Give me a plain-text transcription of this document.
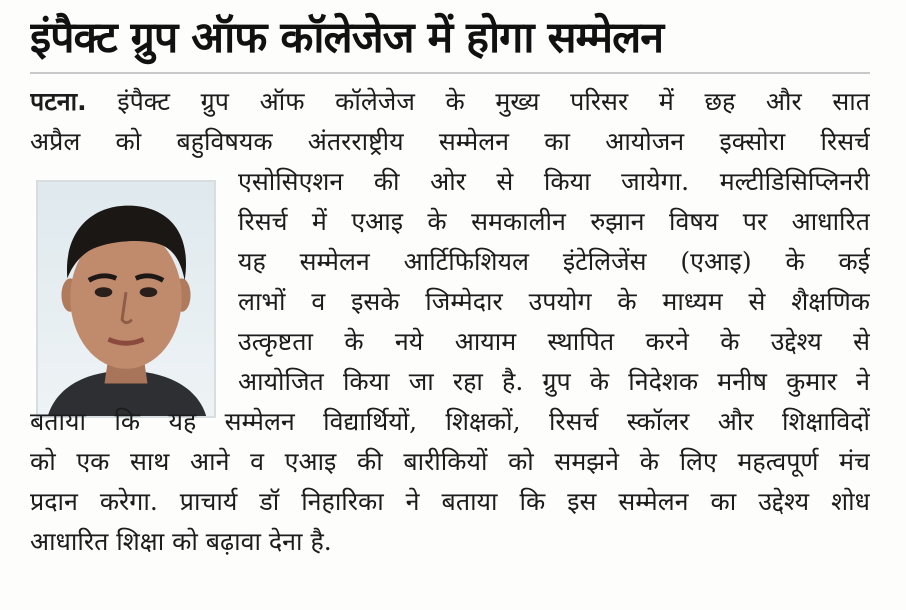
इंपैक्ट ग्रुप ऑफ कॉलेजेज में होगा सम्मेलन
पटना. इंपैक्ट ग्रुप ऑफ कॉलेजेज के मुख्य परिसर में छह और सात
अप्रैल को बहुविषयक अंतरराष्ट्रीय सम्मेलन का आयोजन इक्सोरा रिसर्च
एसोसिएशन की ओर से किया जायेगा. मल्टीडिसिप्लिनरी
रिसर्च में एआइ के समकालीन रुझान विषय पर आधारित
यह सम्मेलन आर्टिफिशियल इंटेलिजेंस (एआइ) के कई
लाभों व इसके जिम्मेदार उपयोग के माध्यम से शैक्षणिक
उत्कृष्टता के नये आयाम स्थापित करने के उद्देश्य से
आयोजित किया जा रहा है. ग्रुप के निदेशक मनीष कुमार ने
बताया कि यह सम्मेलन विद्यार्थियों, शिक्षकों, रिसर्च स्कॉलर और शिक्षाविदों
को एक साथ आने व एआइ की बारीकियों को समझने के लिए महत्वपूर्ण मंच
प्रदान करेगा. प्राचार्य डॉ निहारिका ने बताया कि इस सम्मेलन का उद्देश्य शोध
आधारित शिक्षा को बढ़ावा देना है.
